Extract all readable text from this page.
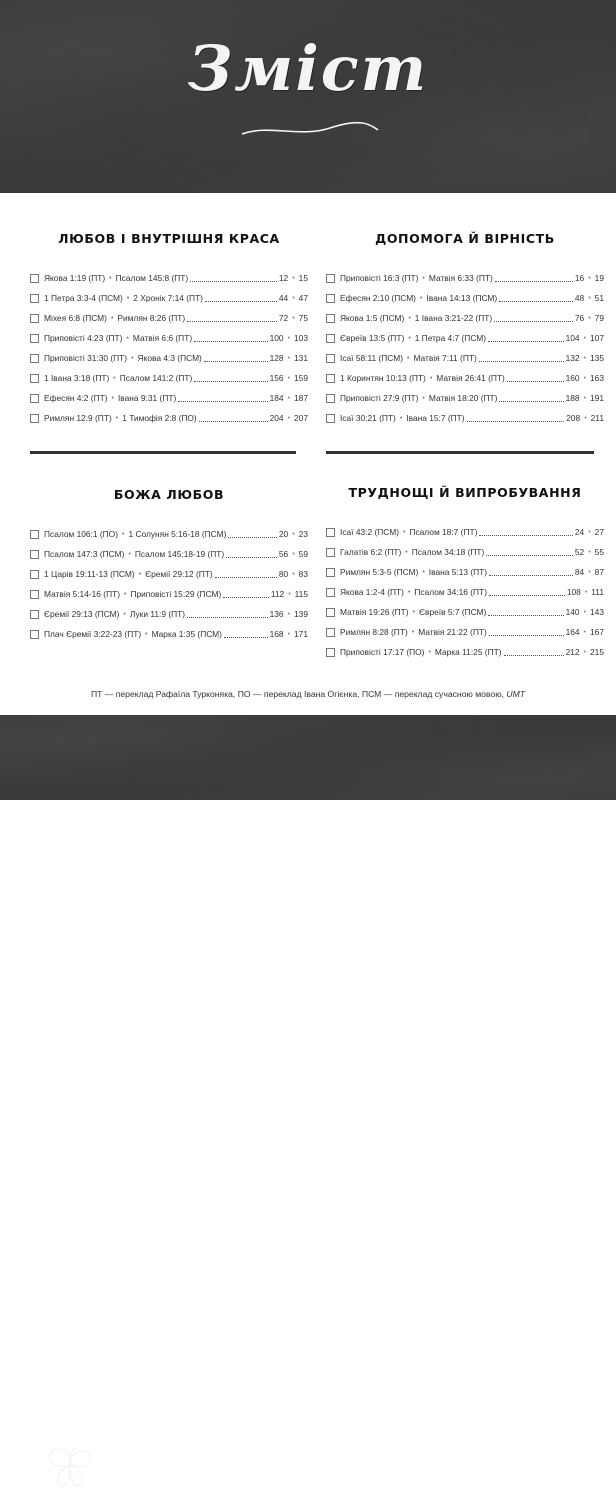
Зміст
ЛЮБОВ І ВНУТРІШНЯ КРАСА
Якова 1:19 (ПТ) • Псалом 145:8 (ПТ)	12 • 15
1 Петра 3:3-4 (ПСМ) • 2 Хронік 7:14 (ПТ)	44 • 47
Міхея 6:8 (ПСМ) • Римлян 8:26 (ПТ)	72 • 75
Приповісті 4:23 (ПТ) • Матвія 6:6 (ПТ)	100 • 103
Приповісті 31:30 (ПТ) • Якова 4:3 (ПСМ)	128 • 131
1 Івана 3:18 (ПТ) • Псалом 141:2 (ПТ)	156 • 159
Ефесян 4:2 (ПТ) • Івана 9:31 (ПТ)	184 • 187
Римлян 12:9 (ПТ) • 1 Тимофія 2:8 (ПО)	204 • 207
ДОПОМОГА Й ВІРНІСТЬ
Приповісті 16:3 (ПТ) • Матвія 6:33 (ПТ)	16 • 19
Ефесян 2:10 (ПСМ) • Івана 14:13 (ПСМ)	48 • 51
Якова 1:5 (ПСМ) • 1 Івана 3:21-22 (ПТ)	76 • 79
Євреїв 13:5 (ПТ) • 1 Петра 4:7 (ПСМ)	104 • 107
Ісаї 58:11 (ПСМ) • Матвія 7:11 (ПТ)	132 • 135
1 Коринтян 10:13 (ПТ) • Матвія 26:41 (ПТ)	160 • 163
Приповісті 27:9 (ПТ) • Матвія 18:20 (ПТ)	188 • 191
Ісаї 30:21 (ПТ) • Івана 15:7 (ПТ)	208 • 211
БОЖА ЛЮБОВ
Псалом 106:1 (ПО) • 1 Солунян 5:16-18 (ПСМ)	20 • 23
Псалом 147:3 (ПСМ) • Псалом 145:18-19 (ПТ)	56 • 59
1 Царів 19:11-13 (ПСМ) • Єремії 29:12 (ПТ)	80 • 83
Матвія 5:14-16 (ПТ) • Приповісті 15:29 (ПСМ)	112 • 115
Єремії 29:13 (ПСМ) • Луки 11:9 (ПТ)	136 • 139
Плач Єремії 3:22-23 (ПТ) • Марка 1:35 (ПСМ)	168 • 171
ТРУДНОЩІ Й ВИПРОБУВАННЯ
Ісаї 43:2 (ПСМ) • Псалом 18:7 (ПТ)	24 • 27
Галатів 6:2 (ПТ) • Псалом 34:18 (ПТ)	52 • 55
Римлян 5:3-5 (ПСМ) • Івана 5:13 (ПТ)	84 • 87
Якова 1:2-4 (ПТ) • Псалом 34:16 (ПТ)	108 • 111
Матвія 19:26 (ПТ) • Євреїв 5:7 (ПСМ)	140 • 143
Римлян 8:28 (ПТ) • Матвія 21:22 (ПТ)	164 • 167
Приповісті 17:17 (ПО) • Марка 11:25 (ПТ)	212 • 215
ПТ — переклад Рафаїла Турконяка, ПО — переклад Івана Огієнка, ПСМ — переклад сучасною мовою, UMT
